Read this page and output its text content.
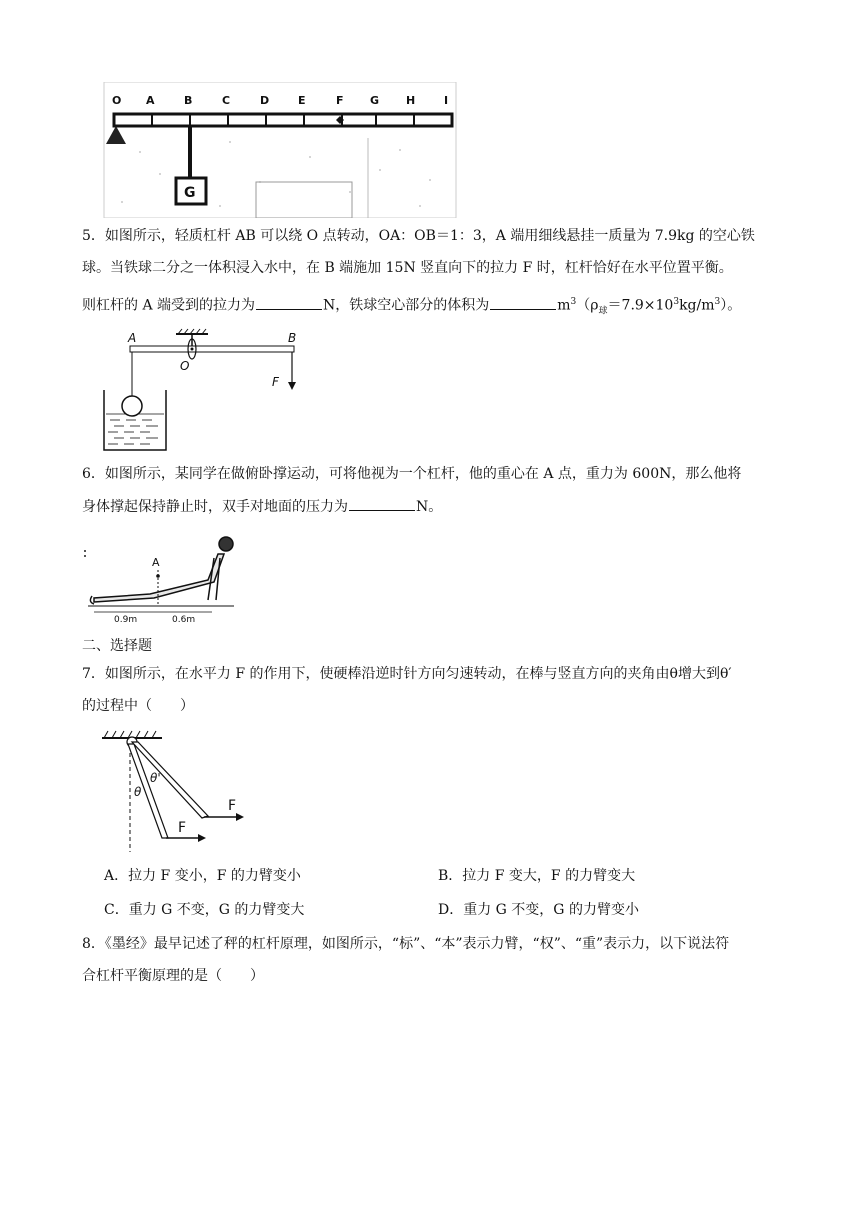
O A	B	C	D	E	F G H	I
G
5．如图所示，轻质杠杆 AB 可以绕 O 点转动，OA：OB＝1：3，A 端用细线悬挂一质量为 7.9kg 的空心铁
球。当铁球二分之一体积浸入水中，在 B 端施加 15N 竖直向下的拉力 F 时，杠杆恰好在水平位置平衡。
则杠杆的 A 端受到的拉力为	N，铁球空心部分的体积为	$m^3(\rho_球=7.9\times 10^3kg/m^3)$。
A	B
O
F
6．如图所示，某同学在做俯卧撑运动，可将他视为一个杠杆，他的重心在 A 点，重力为 600N，那么他将
身体撑起保持静止时，双手对地面的压力为	N。
A
0.9m	0.6m
二、选择题
7．如图所示，在水平力 F 的作用下，使硬棒沿逆时针方向匀速转动，在棒与竖直方向的夹角由θ增大到θ′
的过程中（　　）
θ
θ'
F
F
A．拉力 F 变小，F 的力臂变小	B．拉力 F 变大，F 的力臂变大
C．重力 G 不变，G 的力臂变大	D．重力 G 不变，G 的力臂变小
8．《墨经》最早记述了秤的杠杆原理，如图所示，“标”、“本”表示力臂，“权”、“重”表示力，以下说法符
合杠杆平衡原理的是（　　）
